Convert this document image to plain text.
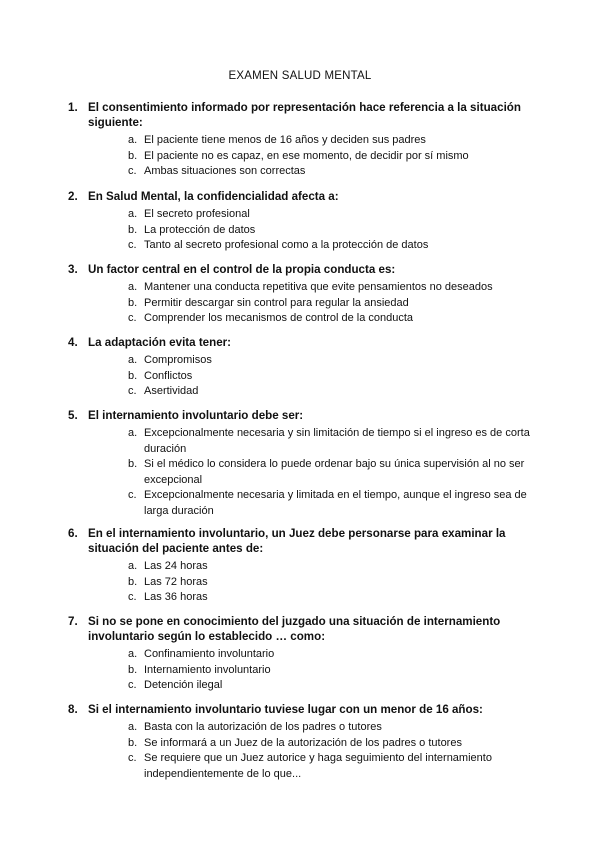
EXAMEN SALUD MENTAL
1. El consentimiento informado por representación hace referencia a la situación siguiente:
a. El paciente tiene menos de 16 años y deciden sus padres
b. El paciente no es capaz, en ese momento, de decidir por sí mismo
c. Ambas situaciones son correctas
2. En Salud Mental, la confidencialidad afecta a:
a. El secreto profesional
b. La protección de datos
c. Tanto al secreto profesional como a la protección de datos
3. Un factor central en el control de la propia conducta es:
a. Mantener una conducta repetitiva que evite pensamientos no deseados
b. Permitir descargar sin control para regular la ansiedad
c. Comprender los mecanismos de control de la conducta
4. La adaptación evita tener:
a. Compromisos
b. Conflictos
c. Asertividad
5. El internamiento involuntario debe ser:
a. Excepcionalmente necesaria y sin limitación de tiempo si el ingreso es de corta duración
b. Si el médico lo considera lo puede ordenar bajo su única supervisión al no ser excepcional
c. Excepcionalmente necesaria y limitada en el tiempo, aunque el ingreso sea de larga duración
6. En el internamiento involuntario, un Juez debe personarse para examinar la situación del paciente antes de:
a. Las 24 horas
b. Las 72 horas
c. Las 36 horas
7. Si no se pone en conocimiento del juzgado una situación de internamiento involuntario según lo establecido … como:
a. Confinamiento involuntario
b. Internamiento involuntario
c. Detención ilegal
8. Si el internamiento involuntario tuviese lugar con un menor de 16 años:
a. Basta con la autorización de los padres o tutores
b. Se informará a un Juez de la autorización de los padres o tutores
c. Se requiere que un Juez autorice y haga seguimiento del internamiento independientemente de lo que...
